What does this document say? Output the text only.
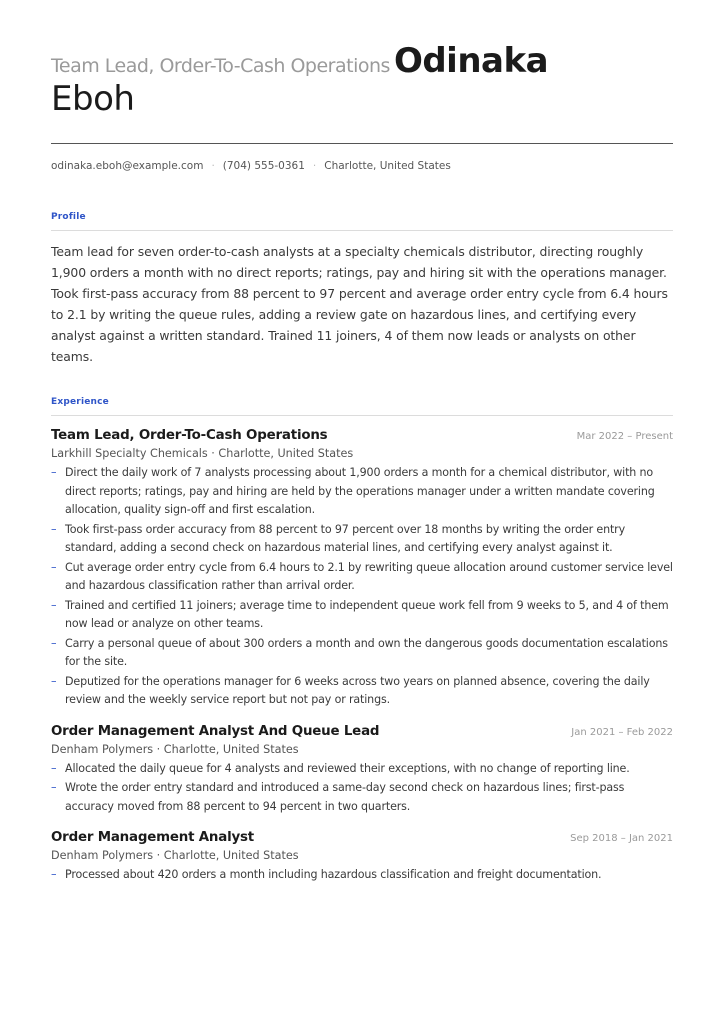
Team Lead, Order-To-Cash Operations Odinaka
Eboh
odinaka.eboh@example.com · (704) 555-0361 · Charlotte, United States
Profile
Team lead for seven order-to-cash analysts at a specialty chemicals distributor, directing roughly 1,900 orders a month with no direct reports; ratings, pay and hiring sit with the operations manager. Took first-pass accuracy from 88 percent to 97 percent and average order entry cycle from 6.4 hours to 2.1 by writing the queue rules, adding a review gate on hazardous lines, and certifying every analyst against a written standard. Trained 11 joiners, 4 of them now leads or analysts on other teams.
Experience
Team Lead, Order-To-Cash Operations	Mar 2022 – Present
Larkhill Specialty Chemicals · Charlotte, United States
– Direct the daily work of 7 analysts processing about 1,900 orders a month for a chemical distributor, with no direct reports; ratings, pay and hiring are held by the operations manager under a written mandate covering allocation, quality sign-off and first escalation.
– Took first-pass order accuracy from 88 percent to 97 percent over 18 months by writing the order entry standard, adding a second check on hazardous material lines, and certifying every analyst against it.
– Cut average order entry cycle from 6.4 hours to 2.1 by rewriting queue allocation around customer service level and hazardous classification rather than arrival order.
– Trained and certified 11 joiners; average time to independent queue work fell from 9 weeks to 5, and 4 of them now lead or analyze on other teams.
– Carry a personal queue of about 300 orders a month and own the dangerous goods documentation escalations for the site.
– Deputized for the operations manager for 6 weeks across two years on planned absence, covering the daily review and the weekly service report but not pay or ratings.
Order Management Analyst And Queue Lead	Jan 2021 – Feb 2022
Denham Polymers · Charlotte, United States
– Allocated the daily queue for 4 analysts and reviewed their exceptions, with no change of reporting line.
– Wrote the order entry standard and introduced a same-day second check on hazardous lines; first-pass accuracy moved from 88 percent to 94 percent in two quarters.
Order Management Analyst	Sep 2018 – Jan 2021
Denham Polymers · Charlotte, United States
– Processed about 420 orders a month including hazardous classification and freight documentation.
